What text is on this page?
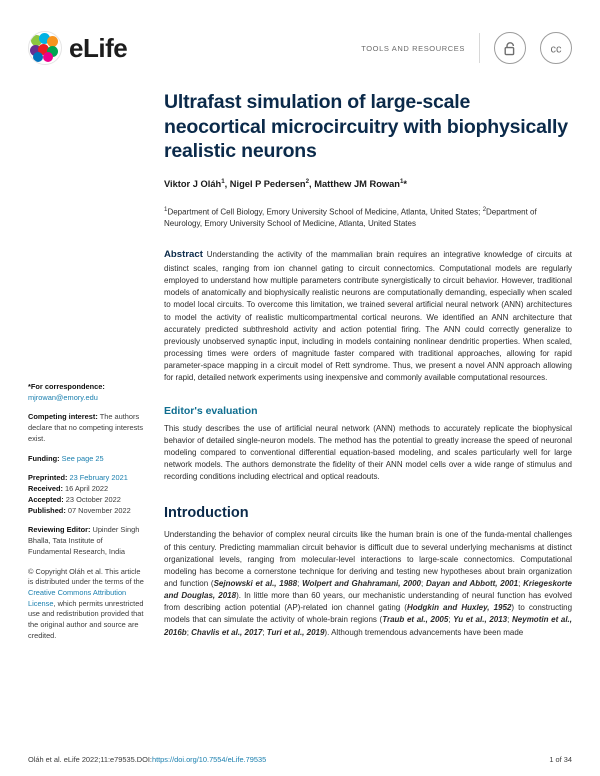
eLife	TOOLS AND RESOURCES	cc
*For correspondence:
mjrowan@emory.edu
Competing interest: The authors declare that no competing interests exist.
Funding: See page 25
Preprinted: 23 February 2021
Received: 16 April 2022
Accepted: 23 October 2022
Published: 07 November 2022
Reviewing Editor: Upinder Singh Bhalla, Tata Institute of Fundamental Research, India
© Copyright Oláh et al. This article is distributed under the terms of the Creative Commons Attribution License, which permits unrestricted use and redistribution provided that the original author and source are credited.
Ultrafast simulation of large-scale neocortical microcircuitry with biophysically realistic neurons
Viktor J Oláh$^1$, Nigel P Pedersen$^2$, Matthew JM Rowan$^1$*
$^1$Department of Cell Biology, Emory University School of Medicine, Atlanta, United States; $^2$Department of Neurology, Emory University School of Medicine, Atlanta, United States
Abstract Understanding the activity of the mammalian brain requires an integrative knowledge of circuits at distinct scales, ranging from ion channel gating to circuit connectomics. Computational models are regularly employed to understand how multiple parameters contribute synergistically to circuit behavior. However, traditional models of anatomically and biophysically realistic neurons are computationally demanding, especially when scaled to model local circuits. To overcome this limitation, we trained several artificial neural network (ANN) architectures to model the activity of realistic multicompartmental cortical neurons. We identified an ANN architecture that accurately predicted subthreshold activity and action potential firing. The ANN could correctly generalize to previously unobserved synaptic input, including in models containing nonlinear dendritic properties. When scaled, processing times were orders of magnitude faster compared with traditional approaches, allowing for rapid parameter-space mapping in a circuit model of Rett syndrome. Thus, we present a novel ANN approach allowing for rapid, detailed network experiments using inexpensive and commonly available computational resources.
Editor's evaluation
This study describes the use of artificial neural network (ANN) methods to accurately replicate the biophysical behavior of detailed single-neuron models. The method has the potential to greatly increase the speed of neuronal modeling compared to conventional differential equation-based modeling, and scales particularly well for large network models. The authors demonstrate the fidelity of their ANN model cells over a wide range of stimulus and recording conditions including electrical and optical readouts.
Introduction
Understanding the behavior of complex neural circuits like the human brain is one of the funda-mental challenges of this century. Predicting mammalian circuit behavior is difficult due to several underlying mechanisms at distinct organizational levels, ranging from molecular-level interactions to large-scale connectomics. Computational modeling has become a cornerstone technique for deriving and testing new hypotheses about brain organization and function (Sejnowski et al., 1988; Wolpert and Ghahramani, 2000; Dayan and Abbott, 2001; Kriegeskorte and Douglas, 2018). In little more than 60 years, our mechanistic understanding of neural function has evolved from describing action potential (AP)-related ion channel gating (Hodgkin and Huxley, 1952) to constructing models that can simulate the activity of whole-brain regions (Traub et al., 2005; Yu et al., 2013; Neymotin et al., 2016b; Chavlis et al., 2017; Turi et al., 2019). Although tremendous advancements have been made
Oláh et al. eLife 2022;11:e79535. DOI: https://doi.org/10.7554/eLife.79535	1 of 34
